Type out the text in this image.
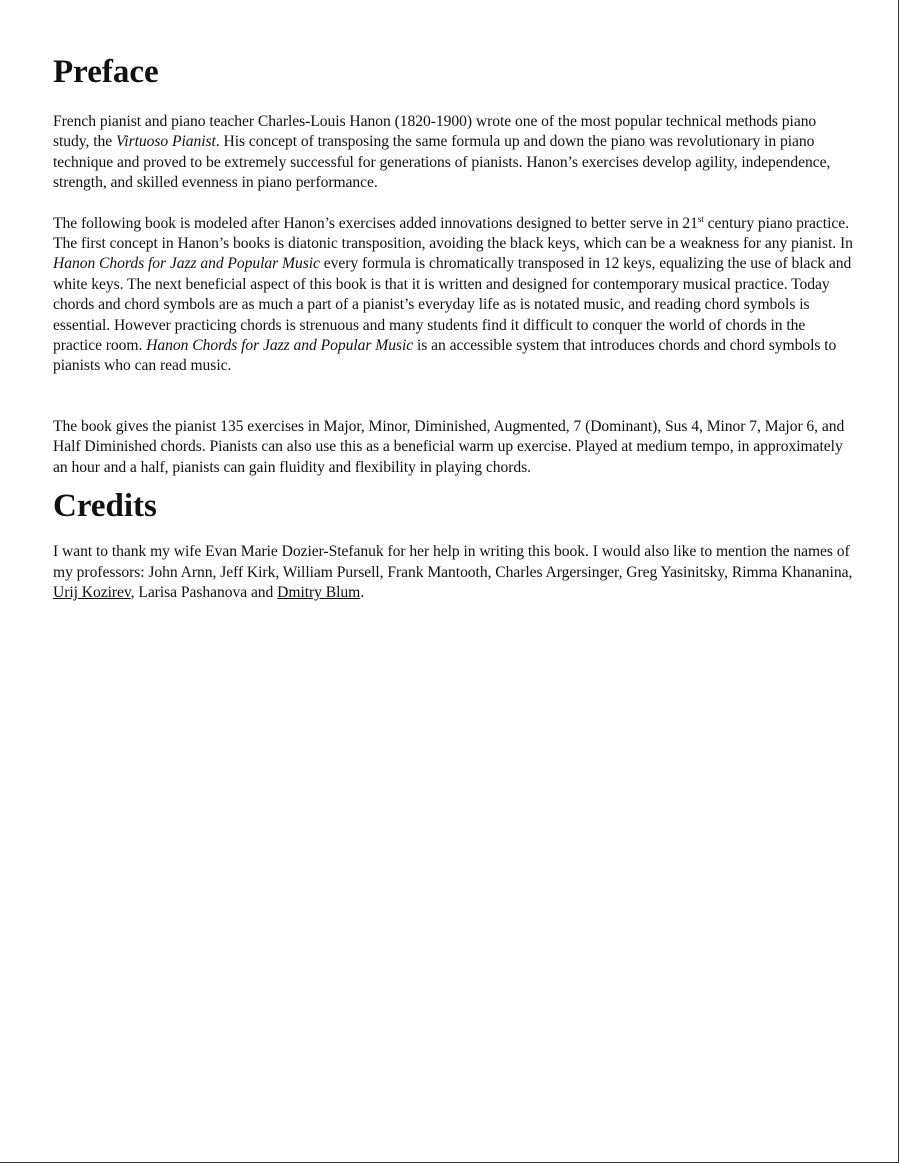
Preface

French pianist and piano teacher Charles-Louis Hanon (1820-1900) wrote one of the most popular technical methods piano study, the Virtuoso Pianist. His concept of transposing the same formula up and down the piano was revolutionary in piano technique and proved to be extremely successful for generations of pianists. Hanon’s exercises develop agility, independence, strength, and skilled evenness in piano performance.

The following book is modeled after Hanon’s exercises added innovations designed to better serve in 21st century piano practice. The first concept in Hanon’s books is diatonic transposition, avoiding the black keys, which can be a weakness for any pianist. In Hanon Chords for Jazz and Popular Music every formula is chromatically transposed in 12 keys, equalizing the use of black and white keys. The next beneficial aspect of this book is that it is written and designed for contemporary musical practice. Today chords and chord symbols are as much a part of a pianist’s everyday life as is notated music, and reading chord symbols is essential. However practicing chords is strenuous and many students find it difficult to conquer the world of chords in the practice room. Hanon Chords for Jazz and Popular Music is an accessible system that introduces chords and chord symbols to pianists who can read music.

The book gives the pianist 135 exercises in Major, Minor, Diminished, Augmented, 7 (Dominant), Sus 4, Minor 7, Major 6, and Half Diminished chords. Pianists can also use this as a beneficial warm up exercise. Played at medium tempo, in approximately an hour and a half, pianists can gain fluidity and flexibility in playing chords.

Credits

I want to thank my wife Evan Marie Dozier-Stefanuk for her help in writing this book. I would also like to mention the names of my professors: John Arnn, Jeff Kirk, William Pursell, Frank Mantooth, Charles Argersinger, Greg Yasinitsky, Rimma Khananina, Urij Kozirev, Larisa Pashanova and Dmitry Blum.
